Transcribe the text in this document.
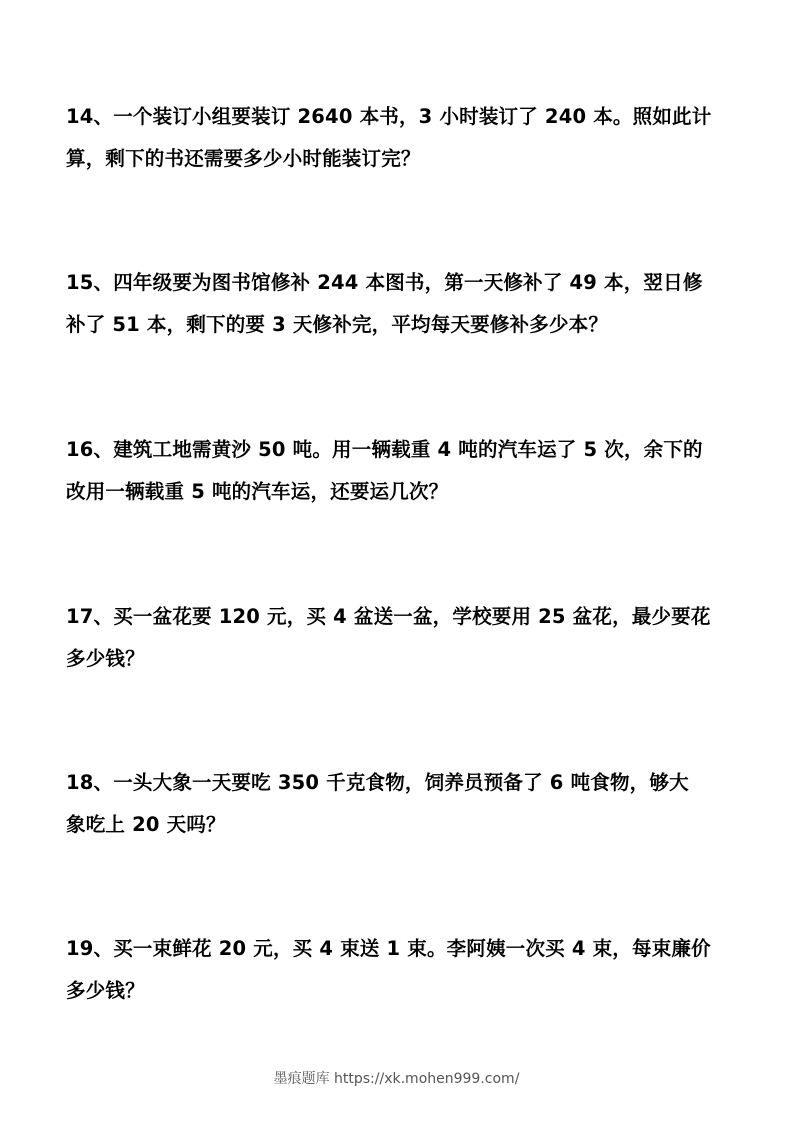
14、一个装订小组要装订 2640 本书，3 小时装订了 240 本。照如此计
算，剩下的书还需要多少小时能装订完？
15、四年级要为图书馆修补 244 本图书，第一天修补了 49 本，翌日修
补了 51 本，剩下的要 3 天修补完，平均每天要修补多少本？
16、建筑工地需黄沙 50 吨。用一辆载重 4 吨的汽车运了 5 次，余下的
改用一辆载重 5 吨的汽车运，还要运几次？
17、买一盆花要 120 元，买 4 盆送一盆，学校要用 25 盆花，最少要花
多少钱？
18、一头大象一天要吃 350 千克食物，饲养员预备了 6 吨食物，够大
象吃上 20 天吗？
19、买一束鲜花 20 元，买 4 束送 1 束。李阿姨一次买 4 束，每束廉价
多少钱？
墨痕题库 https://xk.mohen999.com/
